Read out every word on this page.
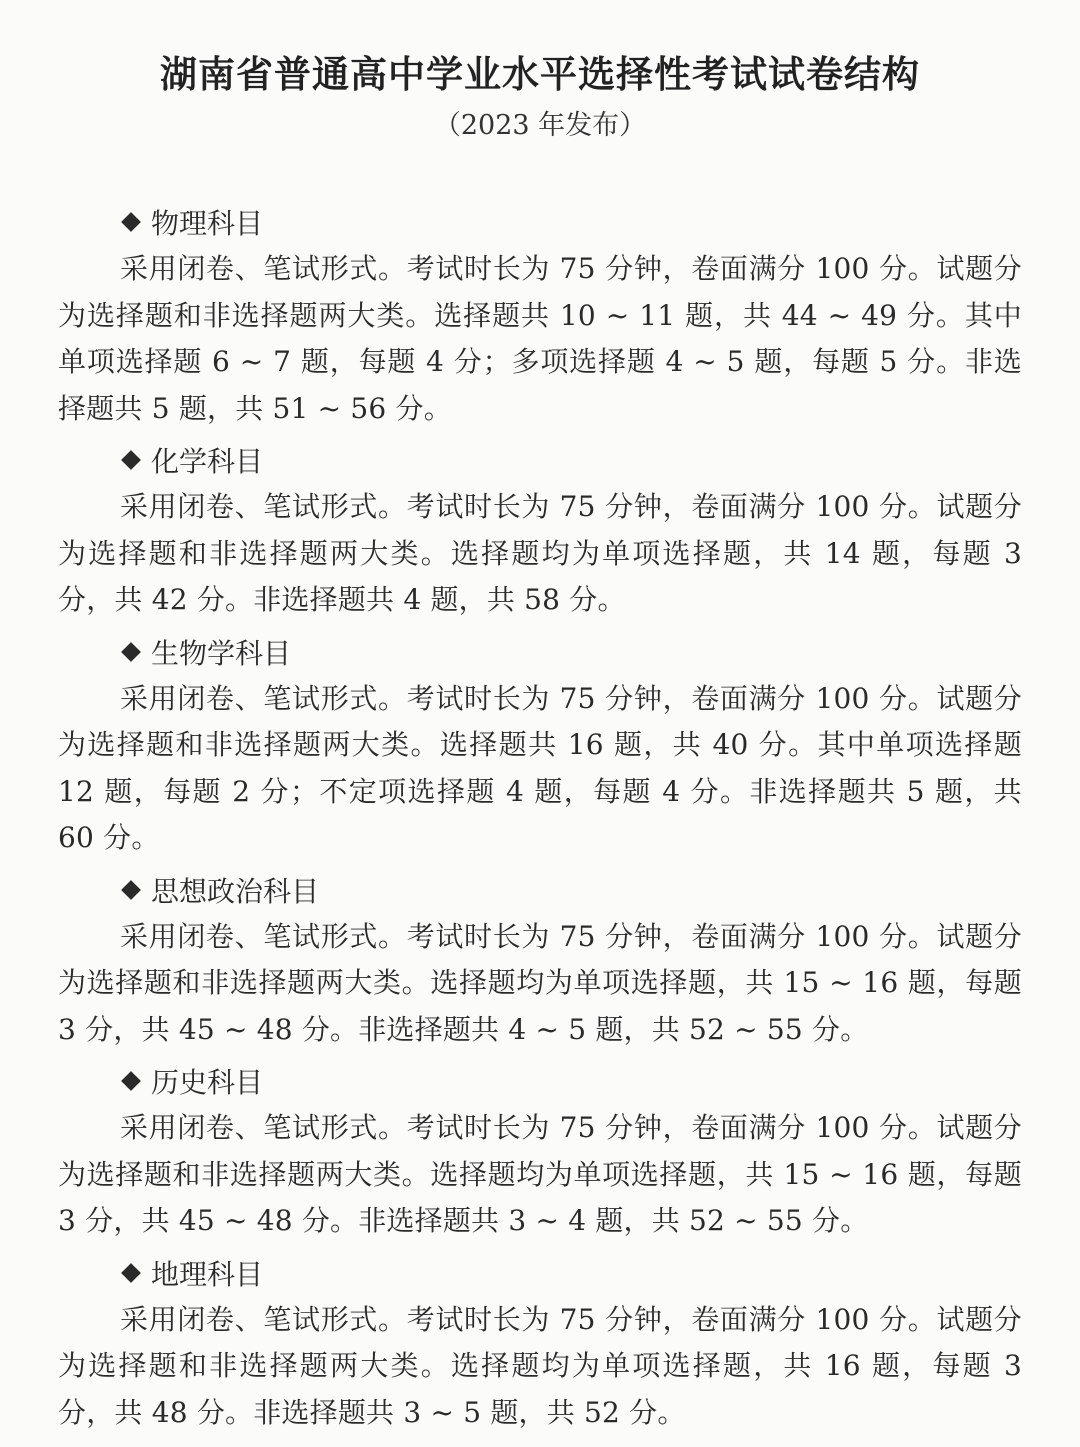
湖南省普通高中学业水平选择性考试试卷结构

（2023 年发布）

物理科目

采用闭卷、笔试形式。考试时长为 75 分钟，卷面满分 100 分。试题分为选择题和非选择题两大类。选择题共 10 ~ 11 题，共 44 ~ 49 分。其中单项选择题 6 ~ 7 题，每题 4 分；多项选择题 4 ~ 5 题，每题 5 分。非选择题共 5 题，共 51 ~ 56 分。

化学科目

采用闭卷、笔试形式。考试时长为 75 分钟，卷面满分 100 分。试题分为选择题和非选择题两大类。选择题均为单项选择题，共 14 题，每题 3 分，共 42 分。非选择题共 4 题，共 58 分。

生物学科目

采用闭卷、笔试形式。考试时长为 75 分钟，卷面满分 100 分。试题分为选择题和非选择题两大类。选择题共 16 题，共 40 分。其中单项选择题 12 题，每题 2 分；不定项选择题 4 题，每题 4 分。非选择题共 5 题，共 60 分。

思想政治科目

采用闭卷、笔试形式。考试时长为 75 分钟，卷面满分 100 分。试题分为选择题和非选择题两大类。选择题均为单项选择题，共 15 ~ 16 题，每题 3 分，共 45 ~ 48 分。非选择题共 4 ~ 5 题，共 52 ~ 55 分。

历史科目

采用闭卷、笔试形式。考试时长为 75 分钟，卷面满分 100 分。试题分为选择题和非选择题两大类。选择题均为单项选择题，共 15 ~ 16 题，每题 3 分，共 45 ~ 48 分。非选择题共 3 ~ 4 题，共 52 ~ 55 分。

地理科目

采用闭卷、笔试形式。考试时长为 75 分钟，卷面满分 100 分。试题分为选择题和非选择题两大类。选择题均为单项选择题，共 16 题，每题 3 分，共 48 分。非选择题共 3 ~ 5 题，共 52 分。
